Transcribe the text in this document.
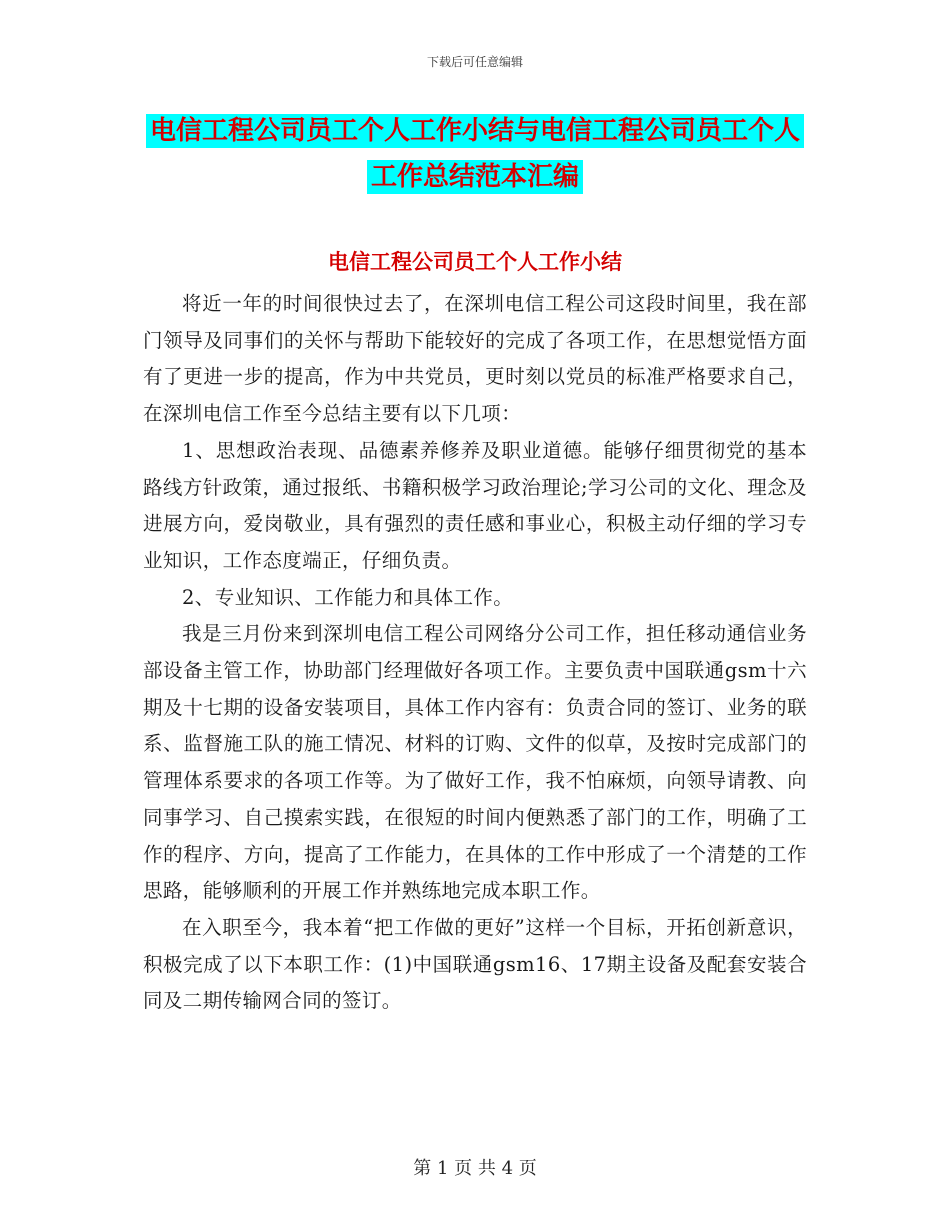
下载后可任意编辑
电信工程公司员工个人工作小结与电信工程公司员工个人工作总结范本汇编
电信工程公司员工个人工作小结

将近一年的时间很快过去了，在深圳电信工程公司这段时间里，我在部门领导及同事们的关怀与帮助下能较好的完成了各项工作，在思想觉悟方面有了更进一步的提高，作为中共党员，更时刻以党员的标准严格要求自己，在深圳电信工作至今总结主要有以下几项：

1、思想政治表现、品德素养修养及职业道德。能够仔细贯彻党的基本路线方针政策，通过报纸、书籍积极学习政治理论;学习公司的文化、理念及进展方向，爱岗敬业，具有强烈的责任感和事业心，积极主动仔细的学习专业知识，工作态度端正，仔细负责。

2、专业知识、工作能力和具体工作。

我是三月份来到深圳电信工程公司网络分公司工作，担任移动通信业务部设备主管工作，协助部门经理做好各项工作。主要负责中国联通gsm十六期及十七期的设备安装项目，具体工作内容有：负责合同的签订、业务的联系、监督施工队的施工情况、材料的订购、文件的似草，及按时完成部门的管理体系要求的各项工作等。为了做好工作，我不怕麻烦，向领导请教、向同事学习、自己摸索实践，在很短的时间内便熟悉了部门的工作，明确了工作的程序、方向，提高了工作能力，在具体的工作中形成了一个清楚的工作思路，能够顺利的开展工作并熟练地完成本职工作。

在入职至今，我本着“把工作做的更好”这样一个目标，开拓创新意识，积极完成了以下本职工作：(1)中国联通gsm16、17期主设备及配套安装合同及二期传输网合同的签订。

第 1 页 共 4 页
